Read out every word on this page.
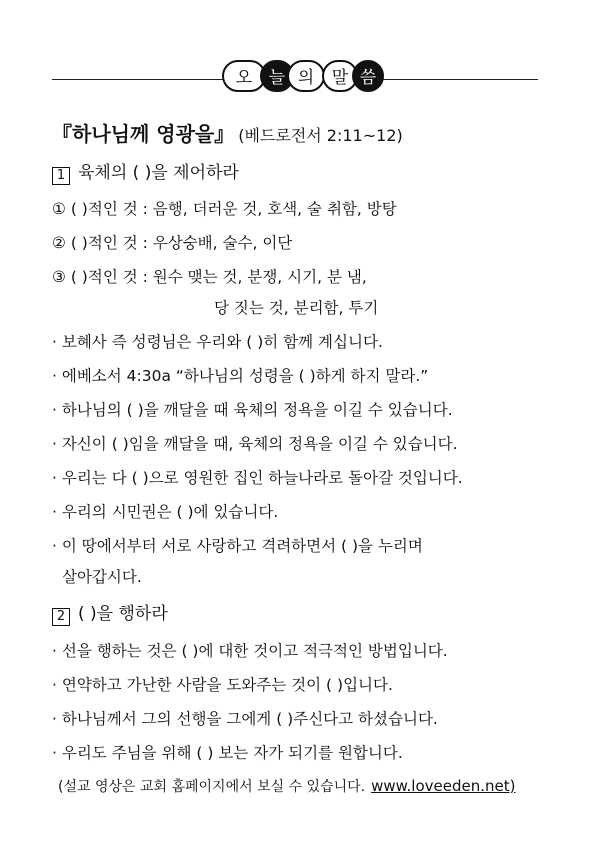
오 늘 의	말 씀
『하나님께 영광을』 (베드로전서 2:11~12)
1 육체의 ( )을 제어하라
① ( )적인 것 : 음행, 더러운 것, 호색, 술 취함, 방탕
② ( )적인 것 : 우상숭배, 술수, 이단
③ ( )적인 것 : 원수 맺는 것, 분쟁, 시기, 분 냄,
당 짓는 것, 분리함, 투기
· 보혜사 즉 성령님은 우리와 ( )히 함께 계십니다.
· 에베소서 4:30a “하나님의 성령을 ( )하게 하지 말라.”
· 하나님의 ( )을 깨달을 때 육체의 정욕을 이길 수 있습니다.
· 자신이 ( )임을 깨달을 때, 육체의 정욕을 이길 수 있습니다.
· 우리는 다 ( )으로 영원한 집인 하늘나라로 돌아갈 것입니다.
· 우리의 시민권은 ( )에 있습니다.
· 이 땅에서부터 서로 사랑하고 격려하면서 ( )을 누리며
살아갑시다.
2 ( )을 행하라
· 선을 행하는 것은 ( )에 대한 것이고 적극적인 방법입니다.
· 연약하고 가난한 사람을 도와주는 것이 ( )입니다.
· 하나님께서 그의 선행을 그에게 ( )주신다고 하셨습니다.
· 우리도 주님을 위해 ( ) 보는 자가 되기를 원합니다.
(설교 영상은 교회 홈페이지에서 보실 수 있습니다. www.loveeden.net)
